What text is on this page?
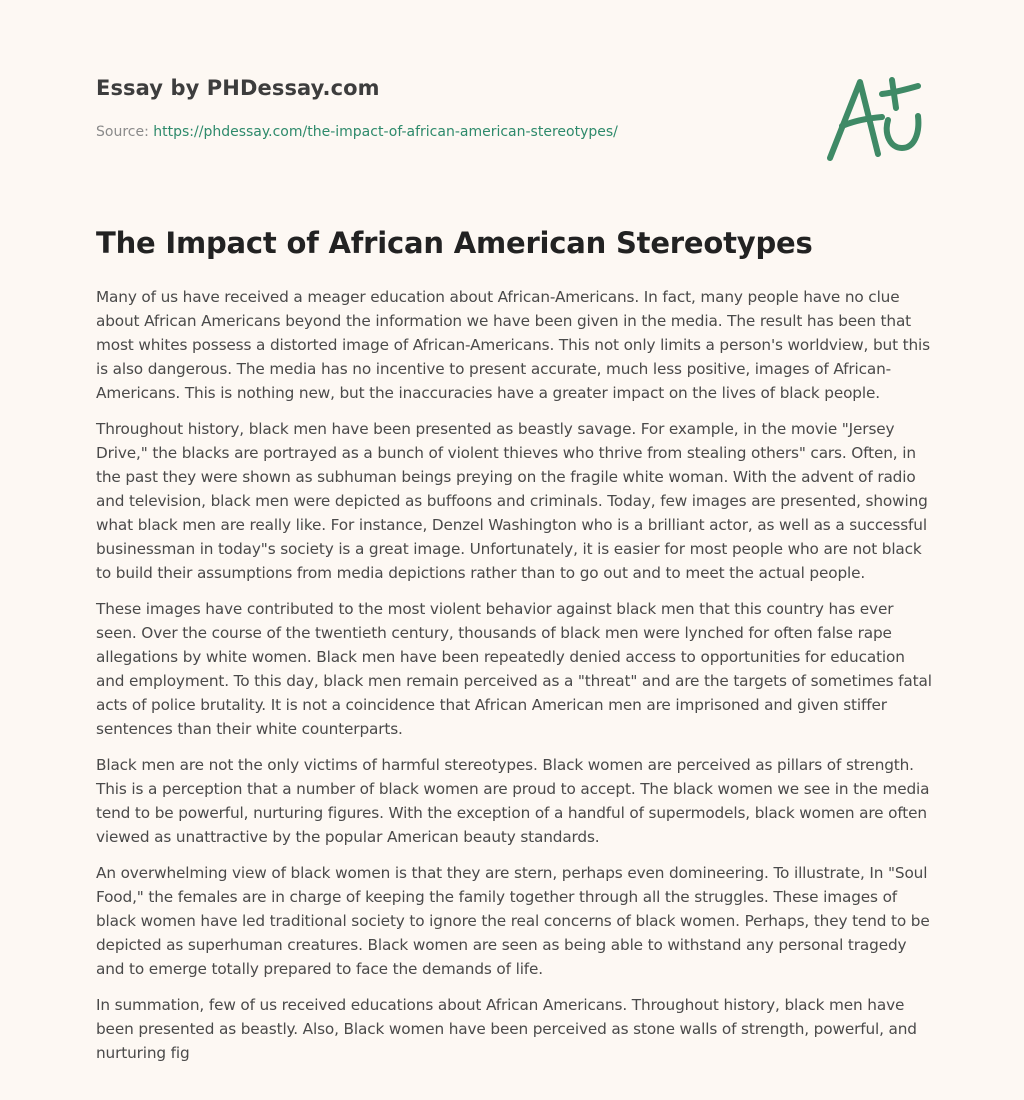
Essay by PHDessay.com
Source: https://phdessay.com/the-impact-of-african-american-stereotypes/
The Impact of African American Stereotypes

Many of us have received a meager education about African-Americans. In fact, many people have no clue about African Americans beyond the information we have been given in the media. The result has been that most whites possess a distorted image of African-Americans. This not only limits a person's worldview, but this is also dangerous. The media has no incentive to present accurate, much less positive, images of African-Americans. This is nothing new, but the inaccuracies have a greater impact on the lives of black people.

Throughout history, black men have been presented as beastly savage. For example, in the movie "Jersey Drive," the blacks are portrayed as a bunch of violent thieves who thrive from stealing others" cars. Often, in the past they were shown as subhuman beings preying on the fragile white woman. With the advent of radio and television, black men were depicted as buffoons and criminals. Today, few images are presented, showing what black men are really like. For instance, Denzel Washington who is a brilliant actor, as well as a successful businessman in today"s society is a great image. Unfortunately, it is easier for most people who are not black to build their assumptions from media depictions rather than to go out and to meet the actual people.

These images have contributed to the most violent behavior against black men that this country has ever seen. Over the course of the twentieth century, thousands of black men were lynched for often false rape allegations by white women. Black men have been repeatedly denied access to opportunities for education and employment. To this day, black men remain perceived as a "threat" and are the targets of sometimes fatal acts of police brutality. It is not a coincidence that African American men are imprisoned and given stiffer sentences than their white counterparts.

Black men are not the only victims of harmful stereotypes. Black women are perceived as pillars of strength. This is a perception that a number of black women are proud to accept. The black women we see in the media tend to be powerful, nurturing figures. With the exception of a handful of supermodels, black women are often viewed as unattractive by the popular American beauty standards.

An overwhelming view of black women is that they are stern, perhaps even domineering. To illustrate, In "Soul Food," the females are in charge of keeping the family together through all the struggles. These images of black women have led traditional society to ignore the real concerns of black women. Perhaps, they tend to be depicted as superhuman creatures. Black women are seen as being able to withstand any personal tragedy and to emerge totally prepared to face the demands of life.

In summation, few of us received educations about African Americans. Throughout history, black men have been presented as beastly. Also, Black women have been perceived as stone walls of strength, powerful, and nurturing fig
